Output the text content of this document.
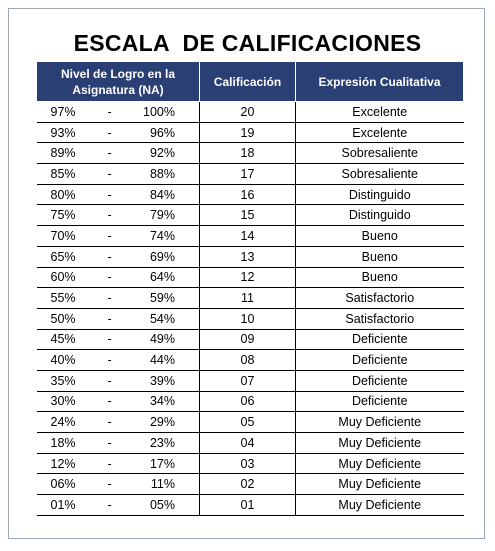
ESCALA  DE CALIFICACIONES
Nivel de Logro en la Asignatura (NA)	Calificación	Expresión Cualitativa

97% - 100%	20	Excelente

93% - 96%	19	Excelente

89% - 92%	18	Sobresaliente

85% - 88%	17	Sobresaliente

80% - 84%	16	Distinguido

75% - 79%	15	Distinguido

70% - 74%	14	Bueno

65% - 69%	13	Bueno

60% - 64%	12	Bueno

55% - 59%	11	Satisfactorio

50% - 54%	10	Satisfactorio

45% - 49%	09	Deficiente

40% - 44%	08	Deficiente

35% - 39%	07	Deficiente

30% - 34%	06	Deficiente

24% - 29%	05	Muy Deficiente

18% - 23%	04	Muy Deficiente

12% - 17%	03	Muy Deficiente

06% - 11%	02	Muy Deficiente

01% - 05%	01	Muy Deficiente
